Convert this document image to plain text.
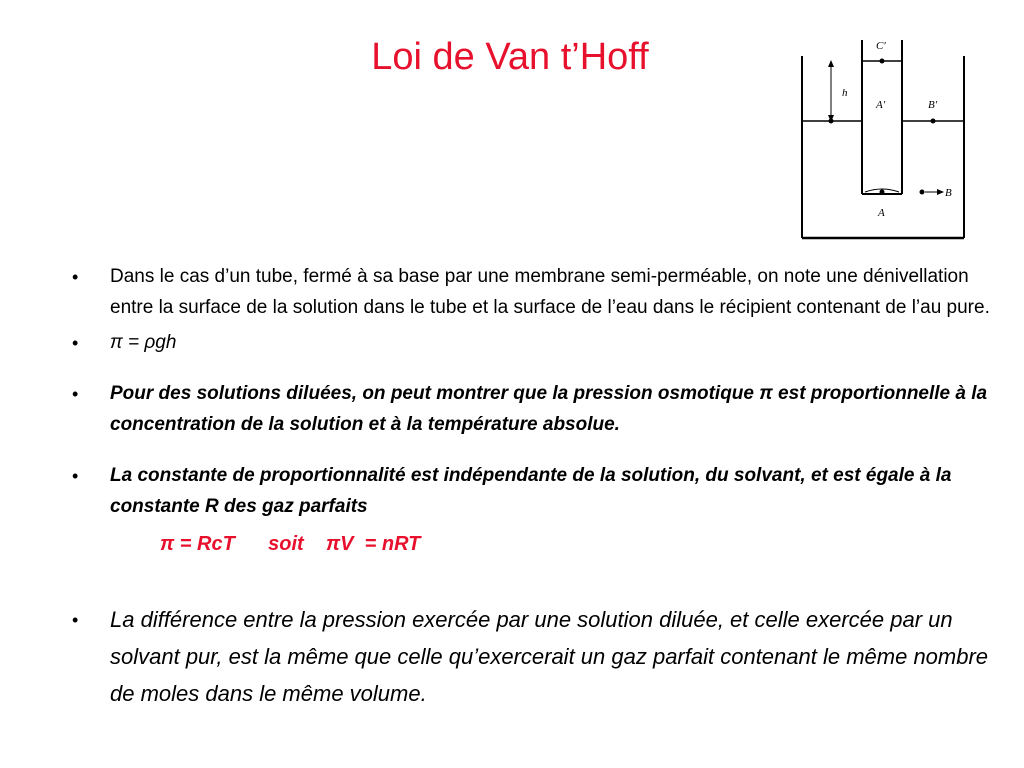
Loi de Van t’Hoff	C′
h
A′	B′
A
B
• Dans le cas d’un tube, fermé à sa base par une membrane semi-perméable, on note une dénivellation entre la surface de la solution dans le tube et la surface de l’eau dans le récipient contenant de l’au pure.
• π = ρgh
• Pour des solutions diluées, on peut montrer que la pression osmotique π est proportionnelle à la concentration de la solution et à la température absolue.
• La constante de proportionnalité est indépendante de la solution, du solvant, et est égale à la constante R des gaz parfaits
π = RcT      soit    πV  = nRT
• La différence entre la pression exercée par une solution diluée, et celle exercée par un solvant pur, est la même que celle qu’exercerait un gaz parfait contenant le même nombre de moles dans le même volume.
